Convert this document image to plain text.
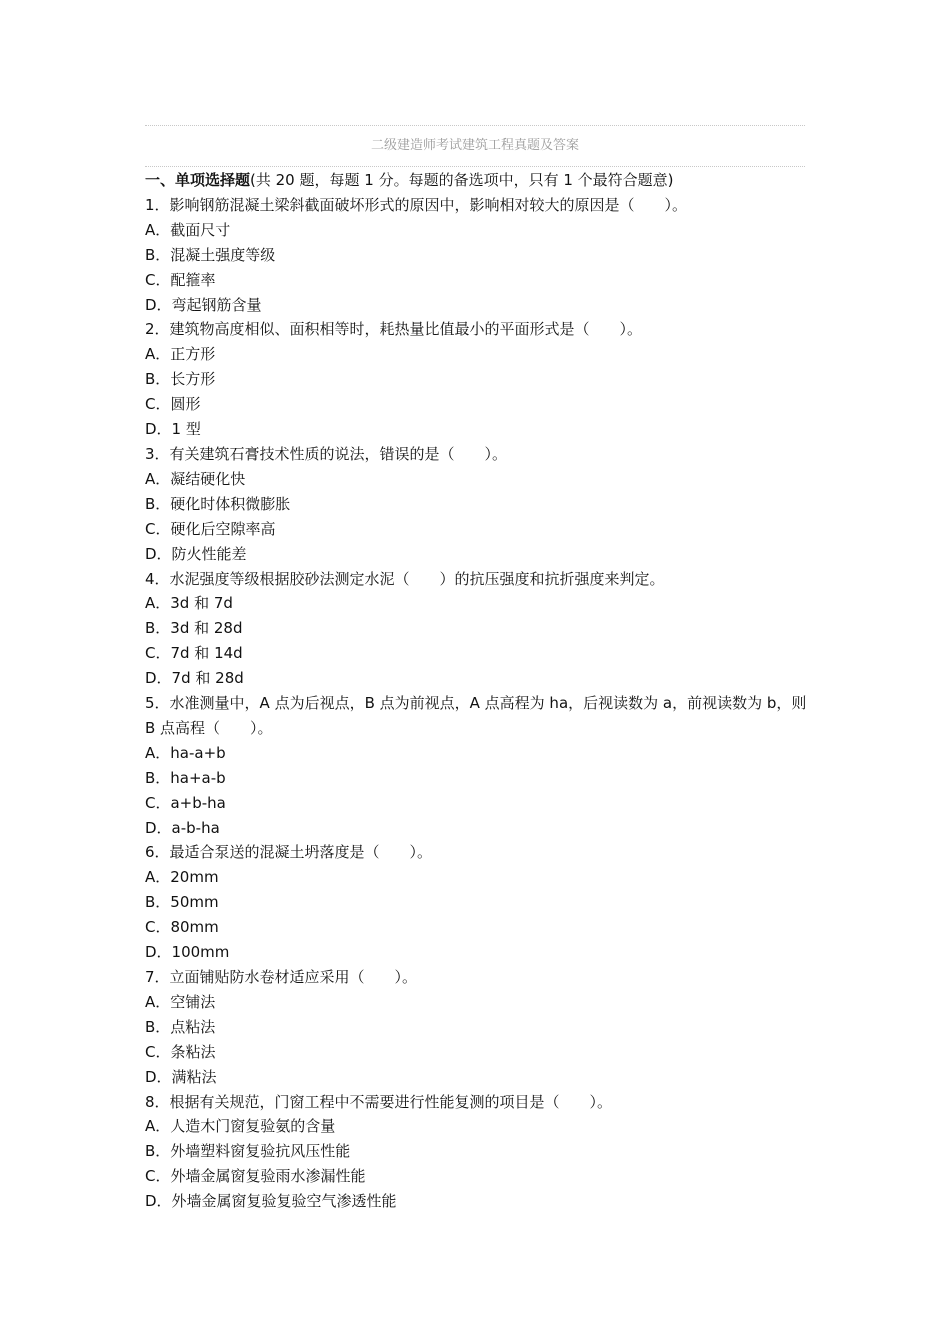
二级建造师考试建筑工程真题及答案

一、单项选择题(共 20 题，每题 1 分。每题的备选项中，只有 1 个最符合题意)

1．影响钢筋混凝土梁斜截面破坏形式的原因中，影响相对较大的原因是（　　）。

A．截面尺寸

B．混凝土强度等级

C．配箍率

D．弯起钢筋含量

2．建筑物高度相似、面积相等时，耗热量比值最小的平面形式是（　　）。

A．正方形

B．长方形

C．圆形

D．1 型

3．有关建筑石膏技术性质的说法，错误的是（　　）。

A．凝结硬化快

B．硬化时体积微膨胀

C．硬化后空隙率高

D．防火性能差

4．水泥强度等级根据胶砂法测定水泥（　　）的抗压强度和抗折强度来判定。

A．3d 和 7d

B．3d 和 28d

C．7d 和 14d

D．7d 和 28d

5．水准测量中，A 点为后视点，B 点为前视点，A 点高程为 ha，后视读数为 a，前视读数为 b，则 B 点高程（　　）。

A．ha-a+b

B．ha+a-b

C．a+b-ha

D．a-b-ha

6．最适合泵送的混凝土坍落度是（　　）。

A．20mm

B．50mm

C．80mm

D．100mm

7．立面铺贴防水卷材适应采用（　　）。

A．空铺法

B．点粘法

C．条粘法

D．满粘法

8．根据有关规范，门窗工程中不需要进行性能复测的项目是（　　）。

A．人造木门窗复验氨的含量

B．外墙塑料窗复验抗风压性能

C．外墙金属窗复验雨水渗漏性能

D．外墙金属窗复验复验空气渗透性能
